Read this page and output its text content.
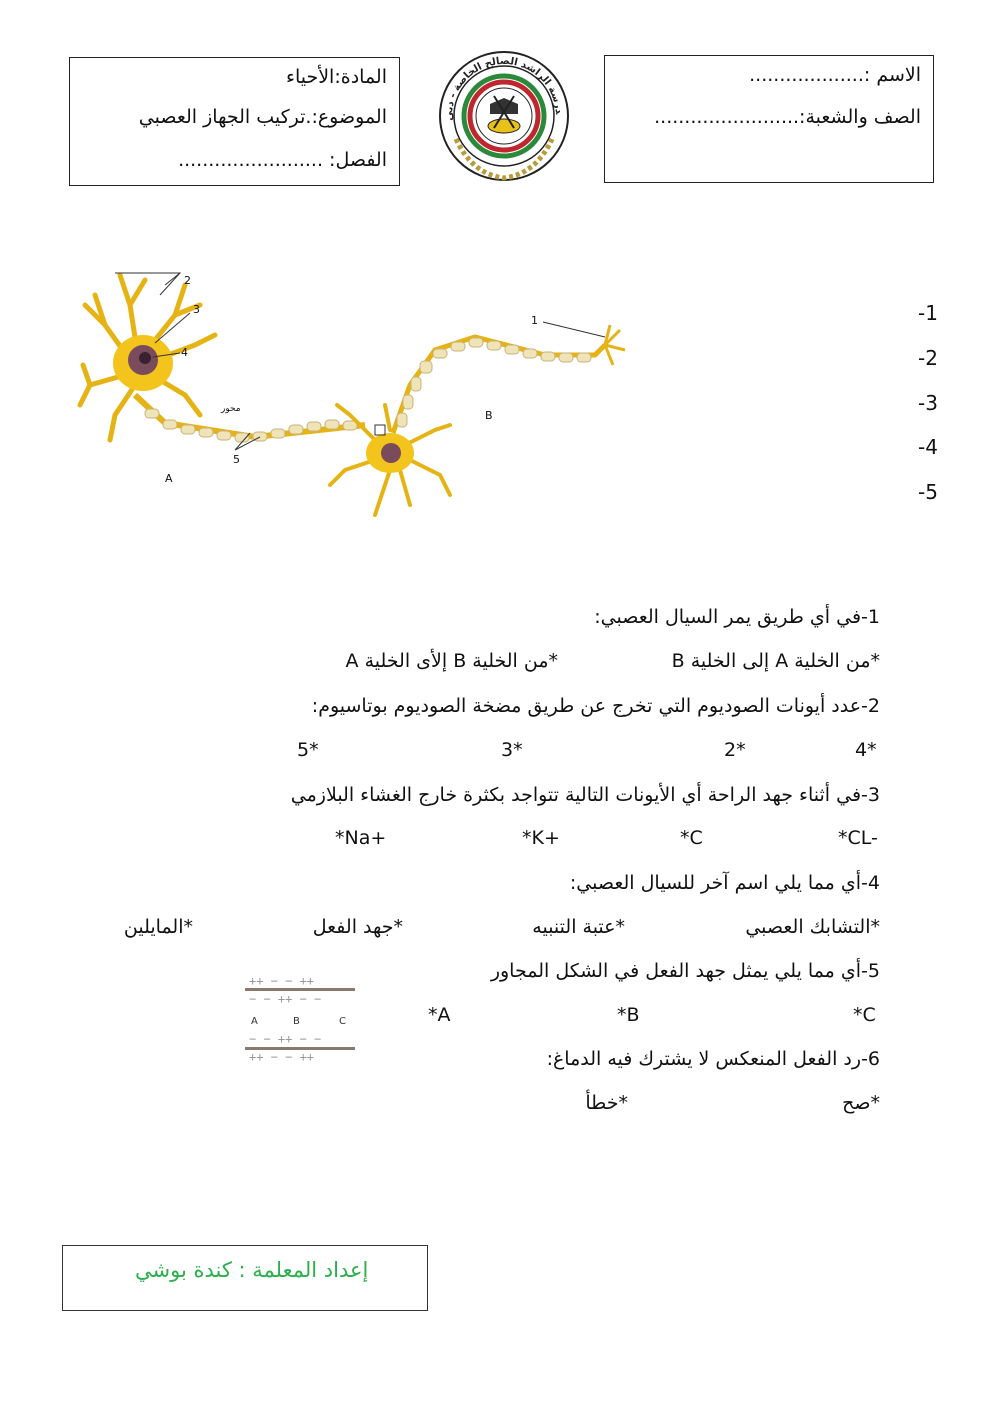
المادة:الأحياء
الموضوع:.تركيب الجهاز العصبي
الفصل: ........................
درسة الراشد الصالح الخاصة - دبي
الاسم :...................
الصف والشعبة:........................
1
2
3
4
5
محور
A
B
-1
-2
-3
-4
-5
1-في أي طريق يمر السيال العصبي:
*من الخلية A إلى الخلية B
*من الخلية B إلأى الخلية A
2-عدد أيونات الصوديوم التي تخرج عن طريق مضخة الصوديوم بوتاسيوم:
4*
2*
3*
5*
3-في أثناء جهد الراحة أي الأيونات التالية تتواجد بكثرة خارج الغشاء البلازمي
*CL-
*C
*K+
*Na+
4-أي مما يلي اسم آخر للسيال العصبي:
*التشابك العصبي
*عتبة التنبيه
*جهد الفعل
*المايلين
5-أي مما يلي يمثل جهد الفعل في الشكل المجاور
*C
*B
*A
++ − − ++
− − ++ − −
A	B	C
− − ++ − −
++ − − ++	6-رد الفعل المنعكس لا يشترك فيه الدماغ:
*صح
*خطأ
إعداد المعلمة : كندة بوشي
